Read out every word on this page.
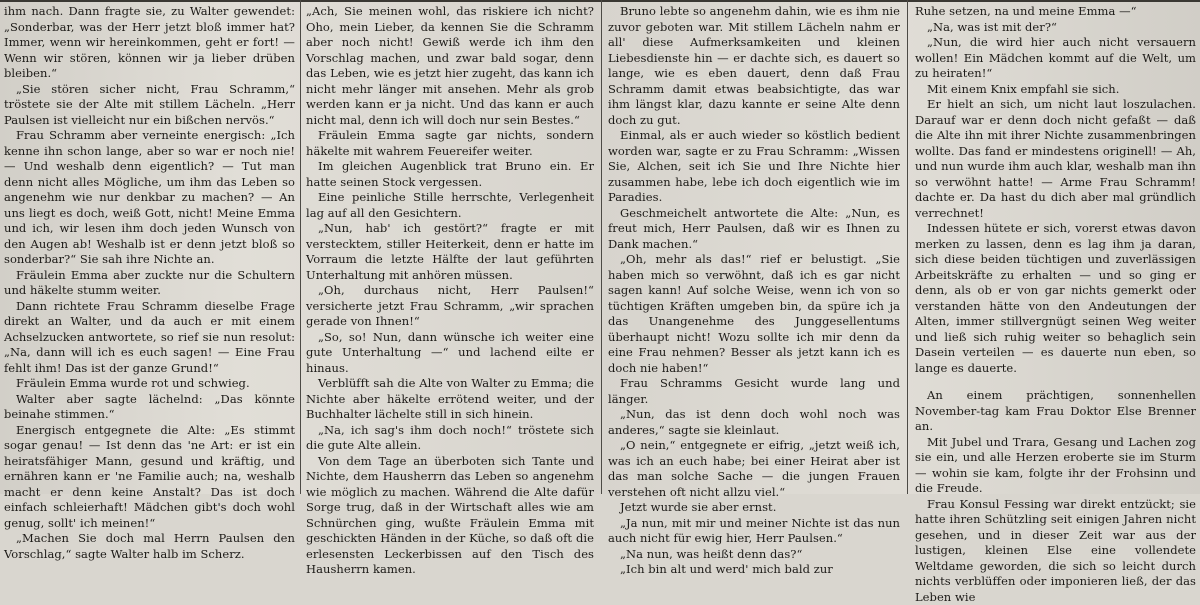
ihm nach. Dann fragte sie, zu Walter gewendet: „Sonderbar, was der Herr jetzt bloß immer hat? Immer, wenn wir hereinkommen, geht er fort! — Wenn wir stören, können wir ja lieber drüben bleiben.“

„Sie stören sicher nicht, Frau Schramm,“ tröstete sie der Alte mit stillem Lächeln. „Herr Paulsen ist vielleicht nur ein bißchen nervös.“

Frau Schramm aber verneinte energisch: „Ich kenne ihn schon lange, aber so war er noch nie! — Und weshalb denn eigentlich? — Tut man denn nicht alles Mögliche, um ihm das Leben so angenehm wie nur denkbar zu machen? — An uns liegt es doch, weiß Gott, nicht! Meine Emma und ich, wir lesen ihm doch jeden Wunsch von den Augen ab! Weshalb ist er denn jetzt bloß so sonderbar?“ Sie sah ihre Nichte an.

Fräulein Emma aber zuckte nur die Schultern und häkelte stumm weiter.

Dann richtete Frau Schramm dieselbe Frage direkt an Walter, und da auch er mit einem Achselzucken antwortete, so rief sie nun resolut: „Na, dann will ich es euch sagen! — Eine Frau fehlt ihm! Das ist der ganze Grund!“

Fräulein Emma wurde rot und schwieg.

Walter aber sagte lächelnd: „Das könnte beinahe stimmen.“

Energisch entgegnete die Alte: „Es stimmt sogar genau! — Ist denn das 'ne Art: er ist ein heiratsfähiger Mann, gesund und kräftig, und ernähren kann er 'ne Familie auch; na, weshalb macht er denn keine Anstalt? Das ist doch einfach schleierhaft! Mädchen gibt's doch wohl genug, sollt' ich meinen!“

„Machen Sie doch mal Herrn Paulsen den Vorschlag,“ sagte Walter halb im Scherz.

„Ach, Sie meinen wohl, das riskiere ich nicht? Oho, mein Lieber, da kennen Sie die Schramm aber noch nicht! Gewiß werde ich ihm den Vorschlag machen, und zwar bald sogar, denn das Leben, wie es jetzt hier zugeht, das kann ich nicht mehr länger mit ansehen. Mehr als grob werden kann er ja nicht. Und das kann er auch nicht mal, denn ich will doch nur sein Bestes.“

Fräulein Emma sagte gar nichts, sondern häkelte mit wahrem Feuereifer weiter.

Im gleichen Augenblick trat Bruno ein. Er hatte seinen Stock vergessen.

Eine peinliche Stille herrschte, Verlegenheit lag auf all den Gesichtern.

„Nun, hab' ich gestört?“ fragte er mit verstecktem, stiller Heiterkeit, denn er hatte im Vorraum die letzte Hälfte der laut geführten Unterhaltung mit anhören müssen.

„Oh, durchaus nicht, Herr Paulsen!“ versicherte jetzt Frau Schramm, „wir sprachen gerade von Ihnen!“

„So, so! Nun, dann wünsche ich weiter eine gute Unterhaltung —“ und lachend eilte er hinaus.

Verblüfft sah die Alte von Walter zu Emma; die Nichte aber häkelte errötend weiter, und der Buchhalter lächelte still in sich hinein.

„Na, ich sag's ihm doch noch!“ tröstete sich die gute Alte allein.

Von dem Tage an überboten sich Tante und Nichte, dem Hausherrn das Leben so angenehm wie möglich zu machen. Während die Alte dafür Sorge trug, daß in der Wirtschaft alles wie am Schnürchen ging, wußte Fräulein Emma mit geschickten Händen in der Küche, so daß oft die erlesensten Leckerbissen auf den Tisch des Hausherrn kamen.

Bruno lebte so angenehm dahin, wie es ihm nie zuvor geboten war. Mit stillem Lächeln nahm er all' diese Aufmerksamkeiten und kleinen Liebesdienste hin — er dachte sich, es dauert so lange, wie es eben dauert, denn daß Frau Schramm damit etwas beabsichtigte, das war ihm längst klar, dazu kannte er seine Alte denn doch zu gut.

Einmal, als er auch wieder so köstlich bedient worden war, sagte er zu Frau Schramm: „Wissen Sie, Alchen, seit ich Sie und Ihre Nichte hier zusammen habe, lebe ich doch eigentlich wie im Paradies.

Geschmeichelt antwortete die Alte: „Nun, es freut mich, Herr Paulsen, daß wir es Ihnen zu Dank machen.“

„Oh, mehr als das!“ rief er belustigt. „Sie haben mich so verwöhnt, daß ich es gar nicht sagen kann! Auf solche Weise, wenn ich von so tüchtigen Kräften umgeben bin, da spüre ich ja das Unangenehme des Junggesellentums überhaupt nicht! Wozu sollte ich mir denn da eine Frau nehmen? Besser als jetzt kann ich es doch nie haben!“

Frau Schramms Gesicht wurde lang und länger.

„Nun, das ist denn doch wohl noch was anderes,“ sagte sie kleinlaut.

„O nein,“ entgegnete er eifrig, „jetzt weiß ich, was ich an euch habe; bei einer Heirat aber ist das man solche Sache — die jungen Frauen verstehen oft nicht allzu viel.“

Jetzt wurde sie aber ernst.

„Ja nun, mit mir und meiner Nichte ist das nun auch nicht für ewig hier, Herr Paulsen.“

„Na nun, was heißt denn das?“

„Ich bin alt und werd' mich bald zur

Ruhe setzen, na und meine Emma —“

„Na, was ist mit der?“

„Nun, die wird hier auch nicht versauern wollen! Ein Mädchen kommt auf die Welt, um zu heiraten!“

Mit einem Knix empfahl sie sich.

Er hielt an sich, um nicht laut loszulachen. Darauf war er denn doch nicht gefaßt — daß die Alte ihn mit ihrer Nichte zusammenbringen wollte. Das fand er mindestens originell! — Ah, und nun wurde ihm auch klar, weshalb man ihn so verwöhnt hatte! — Arme Frau Schramm! dachte er. Da hast du dich aber mal gründlich verrechnet!

Indessen hütete er sich, vorerst etwas davon merken zu lassen, denn es lag ihm ja daran, sich diese beiden tüchtigen und zuverlässigen Arbeitskräfte zu erhalten — und so ging er denn, als ob er von gar nichts gemerkt oder verstanden hätte von den Andeutungen der Alten, immer stillvergnügt seinen Weg weiter und ließ sich ruhig weiter so behaglich sein Dasein verteilen — es dauerte nun eben, so lange es dauerte.

An einem prächtigen, sonnenhellen November-tag kam Frau Doktor Else Brenner an.

Mit Jubel und Trara, Gesang und Lachen zog sie ein, und alle Herzen eroberte sie im Sturm — wohin sie kam, folgte ihr der Frohsinn und die Freude.

Frau Konsul Fessing war direkt entzückt; sie hatte ihren Schützling seit einigen Jahren nicht gesehen, und in dieser Zeit war aus der lustigen, kleinen Else eine vollendete Weltdame geworden, die sich so leicht durch nichts verblüffen oder imponieren ließ, der das Leben wie
